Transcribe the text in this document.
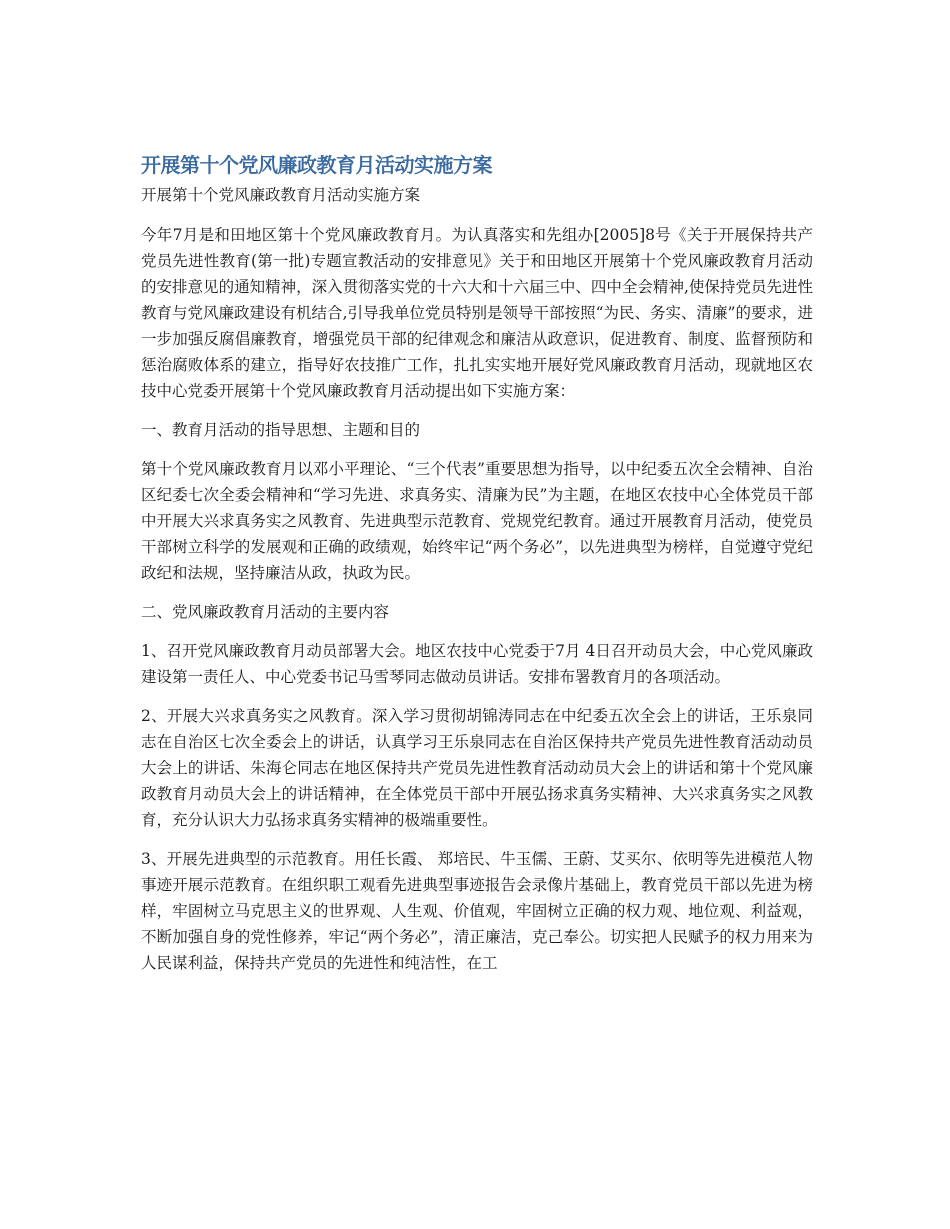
开展第十个党风廉政教育月活动实施方案

开展第十个党风廉政教育月活动实施方案

今年7月是和田地区第十个党风廉政教育月。为认真落实和先组办[2005]8号《关于开展保持共产党员先进性教育(第一批)专题宣教活动的安排意见》关于和田地区开展第十个党风廉政教育月活动的安排意见的通知精神，深入贯彻落实党的十六大和十六届三中、四中全会精神,使保持党员先进性教育与党风廉政建设有机结合,引导我单位党员特别是领导干部按照“为民、务实、清廉”的要求，进一步加强反腐倡廉教育，增强党员干部的纪律观念和廉洁从政意识，促进教育、制度、监督预防和惩治腐败体系的建立，指导好农技推广工作，扎扎实实地开展好党风廉政教育月活动，现就地区农技中心党委开展第十个党风廉政教育月活动提出如下实施方案：

一、教育月活动的指导思想、主题和目的

第十个党风廉政教育月以邓小平理论、“三个代表”重要思想为指导，以中纪委五次全会精神、自治区纪委七次全委会精神和“学习先进、求真务实、清廉为民”为主题，在地区农技中心全体党员干部中开展大兴求真务实之风教育、先进典型示范教育、党规党纪教育。通过开展教育月活动，使党员干部树立科学的发展观和正确的政绩观，始终牢记“两个务必”，以先进典型为榜样，自觉遵守党纪政纪和法规，坚持廉洁从政，执政为民。

二、党风廉政教育月活动的主要内容

1、召开党风廉政教育月动员部署大会。地区农技中心党委于7月 4日召开动员大会，中心党风廉政建设第一责任人、中心党委书记马雪琴同志做动员讲话。安排布署教育月的各项活动。

2、开展大兴求真务实之风教育。深入学习贯彻胡锦涛同志在中纪委五次全会上的讲话，王乐泉同志在自治区七次全委会上的讲话，认真学习王乐泉同志在自治区保持共产党员先进性教育活动动员大会上的讲话、朱海仑同志在地区保持共产党员先进性教育活动动员大会上的讲话和第十个党风廉政教育月动员大会上的讲话精神，在全体党员干部中开展弘扬求真务实精神、大兴求真务实之风教育，充分认识大力弘扬求真务实精神的极端重要性。

3、开展先进典型的示范教育。用任长霞、 郑培民、牛玉儒、王蔚、艾买尔、依明等先进模范人物事迹开展示范教育。在组织职工观看先进典型事迹报告会录像片基础上，教育党员干部以先进为榜样，牢固树立马克思主义的世界观、人生观、价值观，牢固树立正确的权力观、地位观、利益观，不断加强自身的党性修养，牢记“两个务必”，清正廉洁，克己奉公。切实把人民赋予的权力用来为人民谋利益，保持共产党员的先进性和纯洁性，在工
